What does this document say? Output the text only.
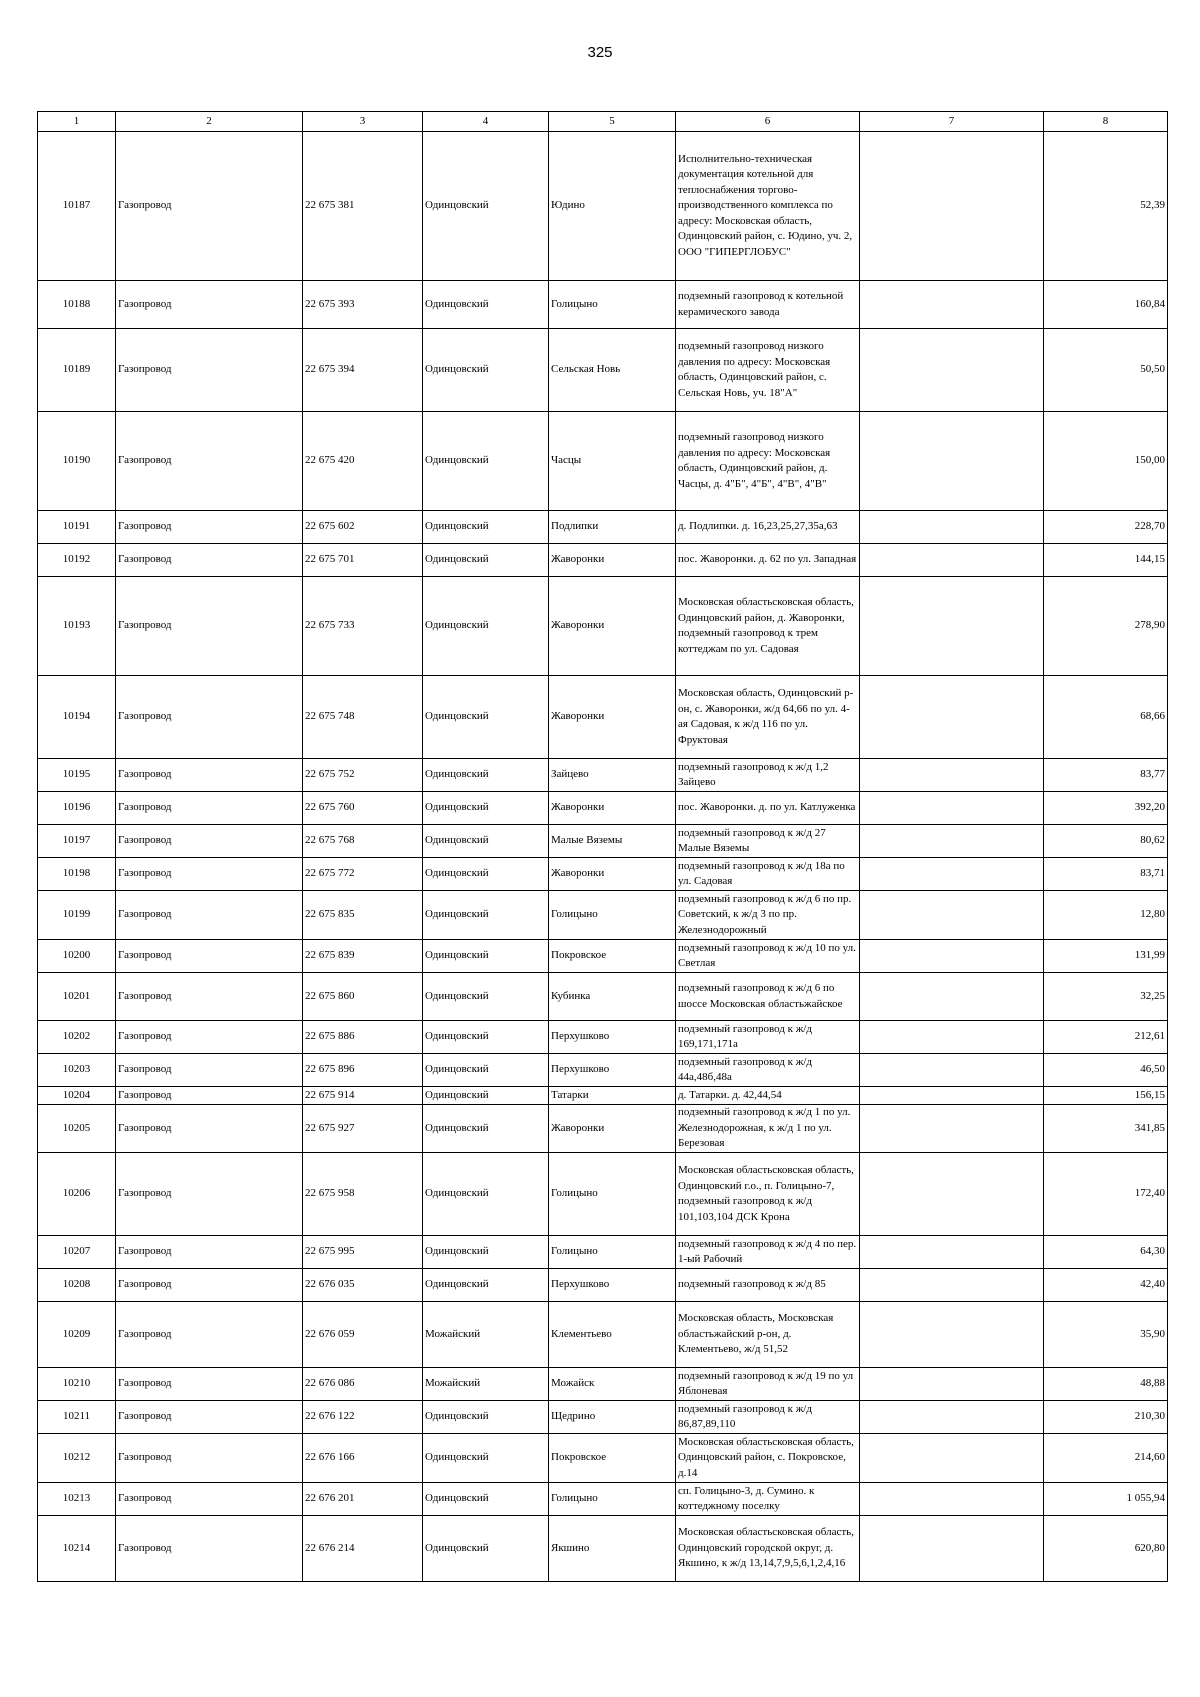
325
1	2	3	4	5	6	7	8
10187	Газопровод	22 675 381	Одинцовский	Юдино	Исполнительно-техническая документация котельной для теплоснабжения торгово-производственного комплекса по адресу: Московская область, Одинцовский район, с. Юдино, уч. 2, ООО "ГИПЕРГЛОБУС"		52,39
10188	Газопровод	22 675 393	Одинцовский	Голицыно	подземный газопровод к котельной керамического завода		160,84
10189	Газопровод	22 675 394	Одинцовский	Сельская Новь	подземный газопровод низкого давления по адресу: Московская область, Одинцовский район, с. Сельская Новь, уч. 18"А"		50,50
10190	Газопровод	22 675 420	Одинцовский	Часцы	подземный газопровод низкого давления по адресу: Московская область, Одинцовский район, д. Часцы, д. 4"Б", 4"Б", 4"В", 4"В"		150,00
10191	Газопровод	22 675 602	Одинцовский	Подлипки	д. Подлипки. д. 16,23,25,27,35а,63		228,70
10192	Газопровод	22 675 701	Одинцовский	Жаворонки	пос. Жаворонки. д. 62 по ул. Западная		144,15
10193	Газопровод	22 675 733	Одинцовский	Жаворонки	Московская областьсковская область, Одинцовский район, д. Жаворонки, подземный газопровод к трем коттеджам по ул. Садовая		278,90
10194	Газопровод	22 675 748	Одинцовский	Жаворонки	Московская область, Одинцовский р-он, с. Жаворонки, ж/д 64,66 по ул. 4-ая Садовая, к ж/д 116 по ул. Фруктовая		68,66
10195	Газопровод	22 675 752	Одинцовский	Зайцево	подземный газопровод к ж/д 1,2 Зайцево		83,77
10196	Газопровод	22 675 760	Одинцовский	Жаворонки	пос. Жаворонки. д. по ул. Катлуженка		392,20
10197	Газопровод	22 675 768	Одинцовский	Малые Вяземы	подземный газопровод к ж/д 27 Малые Вяземы		80,62
10198	Газопровод	22 675 772	Одинцовский	Жаворонки	подземный газопровод к ж/д 18а по ул. Садовая		83,71
10199	Газопровод	22 675 835	Одинцовский	Голицыно	подземный газопровод к ж/д 6 по пр. Советский, к ж/д 3 по пр. Железнодорожный		12,80
10200	Газопровод	22 675 839	Одинцовский	Покровское	подземный газопровод к ж/д 10 по ул. Светлая		131,99
10201	Газопровод	22 675 860	Одинцовский	Кубинка	подземный газопровод к ж/д 6 по шоссе Московская областьжайское		32,25
10202	Газопровод	22 675 886	Одинцовский	Перхушково	подземный газопровод к ж/д 169,171,171а		212,61
10203	Газопровод	22 675 896	Одинцовский	Перхушково	подземный газопровод к ж/д 44а,48б,48а		46,50
10204	Газопровод	22 675 914	Одинцовский	Татарки	д. Татарки. д. 42,44,54		156,15
10205	Газопровод	22 675 927	Одинцовский	Жаворонки	подземный газопровод к ж/д 1 по ул. Железнодорожная, к ж/д 1 по ул. Березовая		341,85
10206	Газопровод	22 675 958	Одинцовский	Голицыно	Московская областьсковская область, Одинцовский г.о., п. Голицыно-7, подземный газопровод к ж/д 101,103,104 ДСК Крона		172,40
10207	Газопровод	22 675 995	Одинцовский	Голицыно	подземный газопровод к ж/д 4 по пер. 1-ый Рабочий		64,30
10208	Газопровод	22 676 035	Одинцовский	Перхушково	подземный газопровод к ж/д 85		42,40
10209	Газопровод	22 676 059	Можайский	Клементьево	Московская область, Московская областьжайский р-он, д. Клементьево, ж/д 51,52		35,90
10210	Газопровод	22 676 086	Можайский	Можайск	подземный газопровод к ж/д 19 по ул Яблоневая		48,88
10211	Газопровод	22 676 122	Одинцовский	Щедрино	подземный газопровод к ж/д 86,87,89,110		210,30
10212	Газопровод	22 676 166	Одинцовский	Покровское	Московская областьсковская область, Одинцовский район, с. Покровское, д.14		214,60
10213	Газопровод	22 676 201	Одинцовский	Голицыно	сп. Голицыно-3, д. Сумино. к коттеджному поселку		1 055,94
10214	Газопровод	22 676 214	Одинцовский	Якшино	Московская областьсковская область, Одинцовский городской округ, д. Якшино, к ж/д 13,14,7,9,5,6,1,2,4,16		620,80
